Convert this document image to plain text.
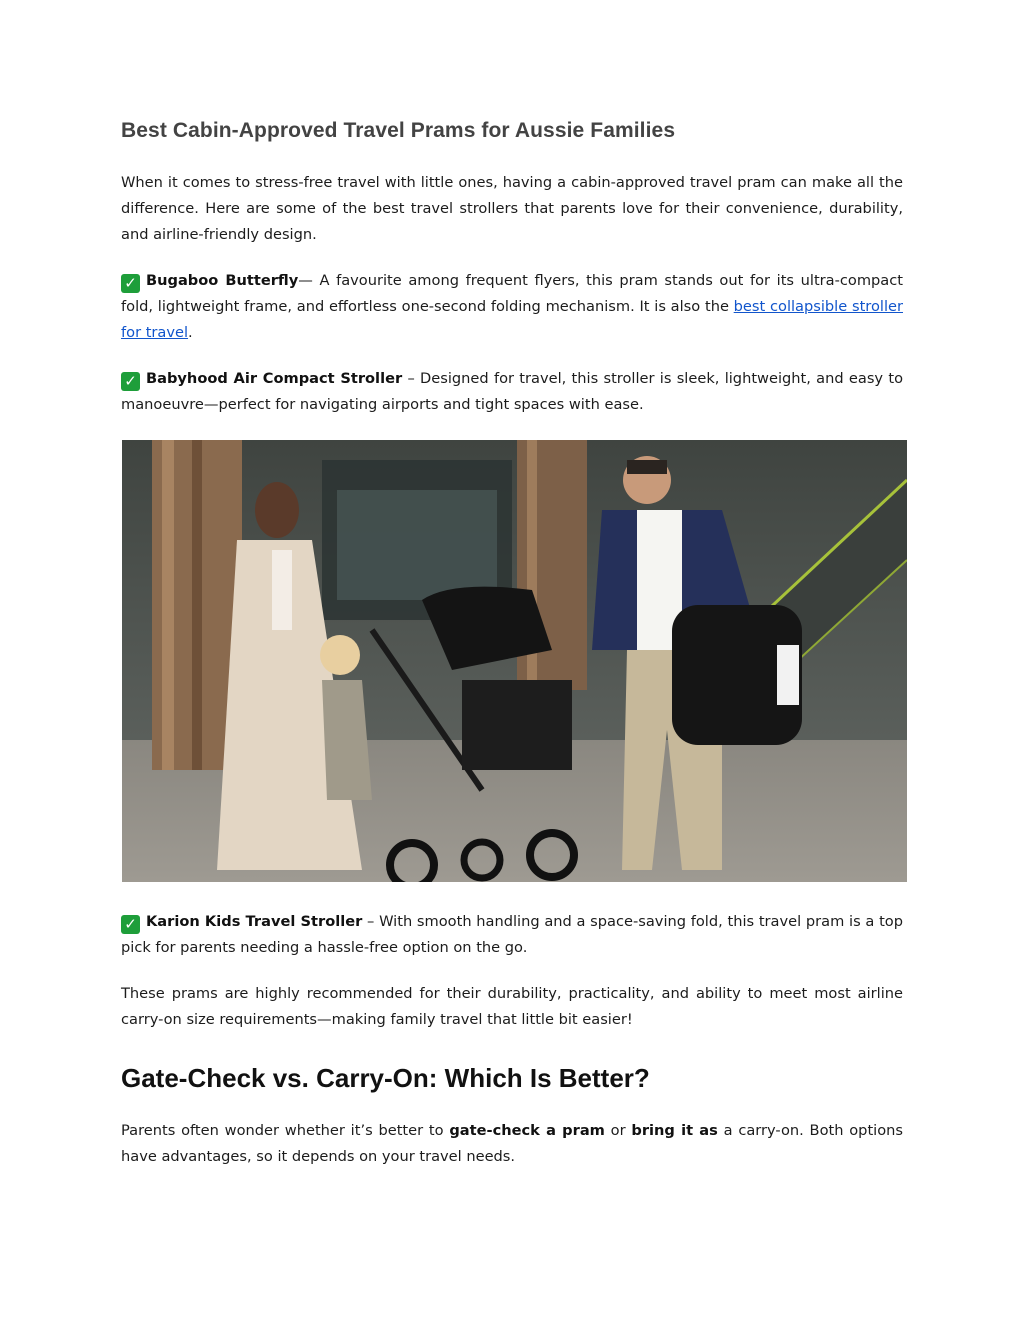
Best Cabin-Approved Travel Prams for Aussie Families

When it comes to stress-free travel with little ones, having a cabin-approved travel pram can make all the difference. Here are some of the best travel strollers that parents love for their convenience, durability, and airline-friendly design.

✓ Bugaboo Butterfly— A favourite among frequent flyers, this pram stands out for its ultra-compact fold, lightweight frame, and effortless one-second folding mechanism. It is also the best collapsible stroller for travel.

✓ Babyhood Air Compact Stroller – Designed for travel, this stroller is sleek, lightweight, and easy to manoeuvre—perfect for navigating airports and tight spaces with ease.

✓ Karion Kids Travel Stroller – With smooth handling and a space-saving fold, this travel pram is a top pick for parents needing a hassle-free option on the go.

These prams are highly recommended for their durability, practicality, and ability to meet most airline carry-on size requirements—making family travel that little bit easier!

Gate-Check vs. Carry-On: Which Is Better?

Parents often wonder whether it’s better to gate-check a pram or bring it as a carry-on. Both options have advantages, so it depends on your travel needs.
